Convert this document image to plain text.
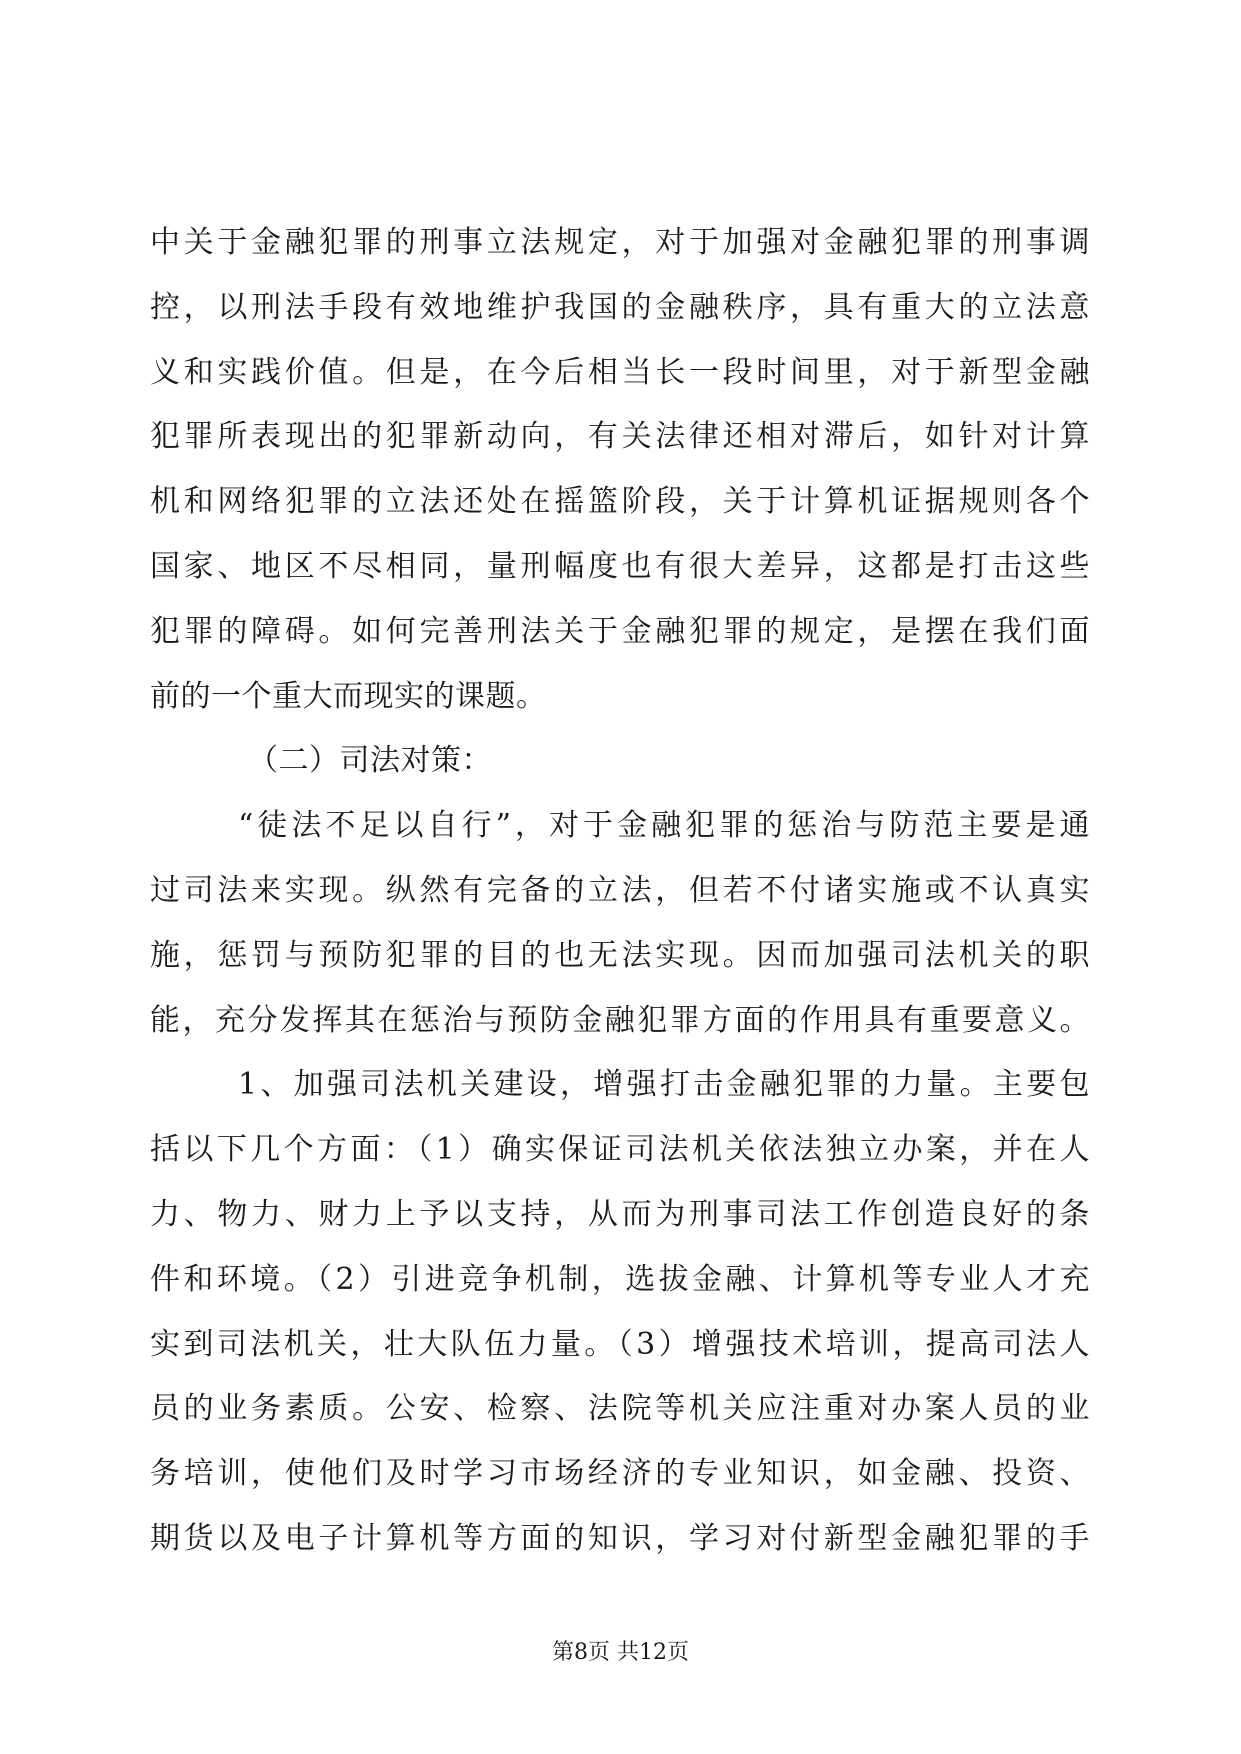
中关于金融犯罪的刑事立法规定，对于加强对金融犯罪的刑事调
控，以刑法手段有效地维护我国的金融秩序，具有重大的立法意
义和实践价值。但是，在今后相当长一段时间里，对于新型金融
犯罪所表现出的犯罪新动向，有关法律还相对滞后，如针对计算
机和网络犯罪的立法还处在摇篮阶段，关于计算机证据规则各个
国家、地区不尽相同，量刑幅度也有很大差异，这都是打击这些
犯罪的障碍。如何完善刑法关于金融犯罪的规定，是摆在我们面
前的一个重大而现实的课题。
（二）司法对策：
“徒法不足以自行”，对于金融犯罪的惩治与防范主要是通
过司法来实现。纵然有完备的立法，但若不付诸实施或不认真实
施，惩罚与预防犯罪的目的也无法实现。因而加强司法机关的职
能，充分发挥其在惩治与预防金融犯罪方面的作用具有重要意义。
1、加强司法机关建设，增强打击金融犯罪的力量。主要包
括以下几个方面：（1）确实保证司法机关依法独立办案，并在人
力、物力、财力上予以支持，从而为刑事司法工作创造良好的条
件和环境。（2）引进竞争机制，选拔金融、计算机等专业人才充
实到司法机关，壮大队伍力量。（3）增强技术培训，提高司法人
员的业务素质。公安、检察、法院等机关应注重对办案人员的业
务培训，使他们及时学习市场经济的专业知识，如金融、投资、
期货以及电子计算机等方面的知识，学习对付新型金融犯罪的手
第8页 共12页
